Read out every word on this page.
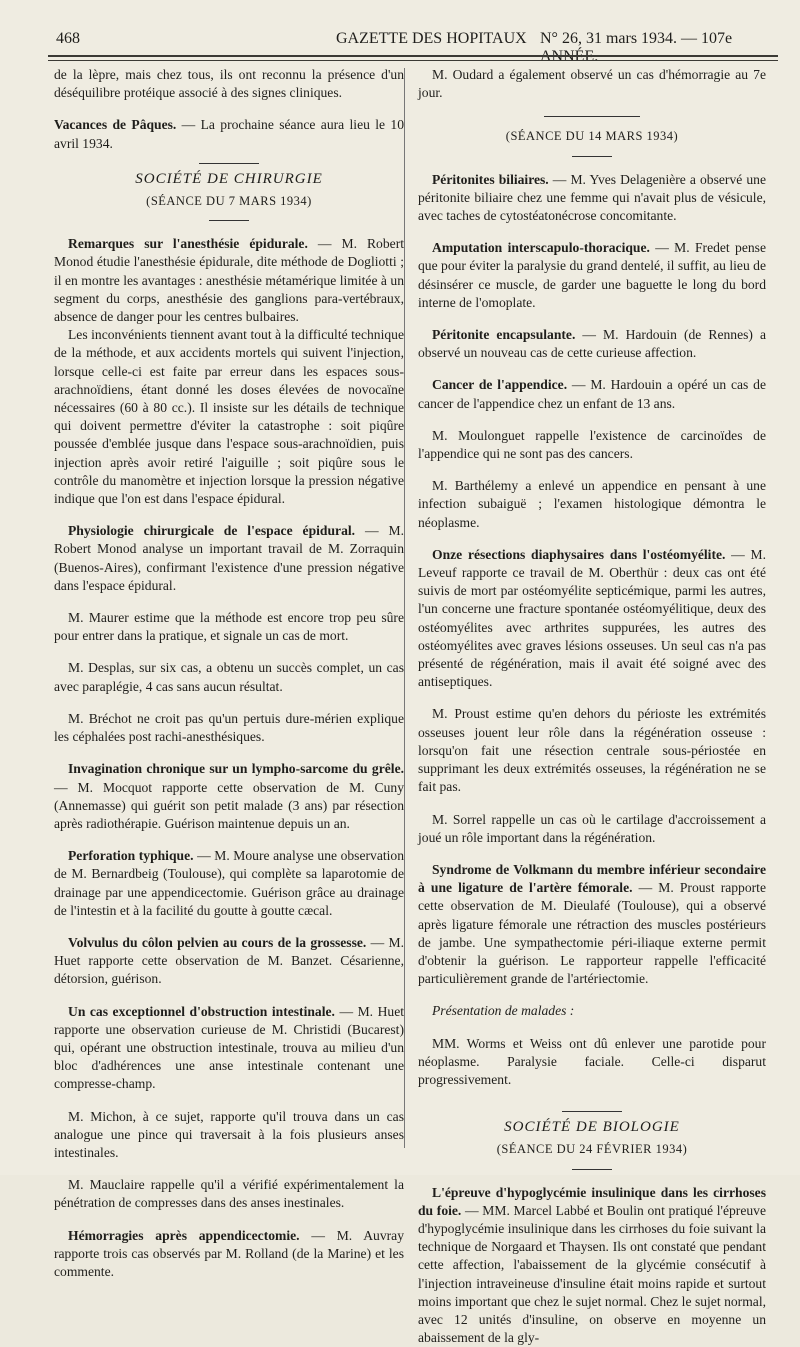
468	GAZETTE DES HOPITAUX N° 26, 31 mars 1934. — 107e ANNÉE.

de la lèpre, mais chez tous, ils ont reconnu la présence d'un déséquilibre protéique associé à des signes cliniques.

Vacances de Pâques. — La prochaine séance aura lieu le 10 avril 1934.

SOCIÉTÉ DE CHIRURGIE
(SÉANCE DU 7 MARS 1934)

Remarques sur l'anesthésie épidurale. — M. Robert Monod étudie l'anesthésie épidurale, dite méthode de Dogliotti ; il en montre les avantages : anesthésie métamérique limitée à un segment du corps, anesthésie des ganglions para-vertébraux, absence de danger pour les centres bulbaires.

Les inconvénients tiennent avant tout à la difficulté technique de la méthode, et aux accidents mortels qui suivent l'injection, lorsque celle-ci est faite par erreur dans les espaces sous-arachnoïdiens, étant donné les doses élevées de novocaïne nécessaires (60 à 80 cc.). Il insiste sur les détails de technique qui doivent permettre d'éviter la catastrophe : soit piqûre poussée d'emblée jusque dans l'espace sous-arachnoïdien, puis injection après avoir retiré l'aiguille ; soit piqûre sous le contrôle du manomètre et injection lorsque la pression négative indique que l'on est dans l'espace épidural.

Physiologie chirurgicale de l'espace épidural. — M. Robert Monod analyse un important travail de M. Zorraquin (Buenos-Aires), confirmant l'existence d'une pression négative dans l'espace épidural.

M. Maurer estime que la méthode est encore trop peu sûre pour entrer dans la pratique, et signale un cas de mort.

M. Desplas, sur six cas, a obtenu un succès complet, un cas avec paraplégie, 4 cas sans aucun résultat.

M. Bréchot ne croit pas qu'un pertuis dure-mérien explique les céphalées post rachi-anesthésiques.

Invagination chronique sur un lympho-sarcome du grêle. — M. Mocquot rapporte cette observation de M. Cuny (Annemasse) qui guérit son petit malade (3 ans) par résection après radiothérapie. Guérison maintenue depuis un an.

Perforation typhique. — M. Moure analyse une observation de M. Bernardbeig (Toulouse), qui complète sa laparotomie de drainage par une appendicectomie. Guérison grâce au drainage de l'intestin et à la facilité du goutte à goutte cæcal.

Volvulus du côlon pelvien au cours de la grossesse. — M. Huet rapporte cette observation de M. Banzet. Césarienne, détorsion, guérison.

Un cas exceptionnel d'obstruction intestinale. — M. Huet rapporte une observation curieuse de M. Christidi (Bucarest) qui, opérant une obstruction intestinale, trouva au milieu d'un bloc d'adhérences une anse intestinale contenant une compresse-champ.

M. Michon, à ce sujet, rapporte qu'il trouva dans un cas analogue une pince qui traversait à la fois plusieurs anses intestinales.

M. Mauclaire rappelle qu'il a vérifié expérimentalement la pénétration de compresses dans des anses inestinales.

Hémorragies après appendicectomie. — M. Auvray rapporte trois cas observés par M. Rolland (de la Marine) et les commente.

M. Oudard a également observé un cas d'hémorragie au 7e jour.

(SÉANCE DU 14 MARS 1934)

Péritonites biliaires. — M. Yves Delagenière a observé une péritonite biliaire chez une femme qui n'avait plus de vésicule, avec taches de cytostéatonécrose concomitante.

Amputation interscapulo-thoracique. — M. Fredet pense que pour éviter la paralysie du grand dentelé, il suffit, au lieu de désinsérer ce muscle, de garder une baguette le long du bord interne de l'omoplate.

Péritonite encapsulante. — M. Hardouin (de Rennes) a observé un nouveau cas de cette curieuse affection.

Cancer de l'appendice. — M. Hardouin a opéré un cas de cancer de l'appendice chez un enfant de 13 ans.

M. Moulonguet rappelle l'existence de carcinoïdes de l'appendice qui ne sont pas des cancers.

M. Barthélemy a enlevé un appendice en pensant à une infection subaiguë ; l'examen histologique démontra le néoplasme.

Onze résections diaphysaires dans l'ostéomyélite. — M. Leveuf rapporte ce travail de M. Oberthür : deux cas ont été suivis de mort par ostéomyélite septicémique, parmi les autres, l'un concerne une fracture spontanée ostéomyélitique, deux des ostéomyélites avec arthrites suppurées, les autres des ostéomyélites avec graves lésions osseuses. Un seul cas n'a pas présenté de régénération, mais il avait été soigné avec des antiseptiques.

M. Proust estime qu'en dehors du périoste les extrémités osseuses jouent leur rôle dans la régénération osseuse : lorsqu'on fait une résection centrale sous-périostée en supprimant les deux extrémités osseuses, la régénération ne se fait pas.

M. Sorrel rappelle un cas où le cartilage d'accroissement a joué un rôle important dans la régénération.

Syndrome de Volkmann du membre inférieur secondaire à une ligature de l'artère fémorale. — M. Proust rapporte cette observation de M. Dieulafé (Toulouse), qui a observé après ligature fémorale une rétraction des muscles postérieurs de jambe. Une sympathectomie péri-iliaque externe permit d'obtenir la guérison. Le rapporteur rappelle l'efficacité particulièrement grande de l'artériectomie.

Présentation de malades :

MM. Worms et Weiss ont dû enlever une parotide pour néoplasme. Paralysie faciale. Celle-ci disparut progressivement.

SOCIÉTÉ DE BIOLOGIE
(SÉANCE DU 24 FÉVRIER 1934)

L'épreuve d'hypoglycémie insulinique dans les cirrhoses du foie. — MM. Marcel Labbé et Boulin ont pratiqué l'épreuve d'hypoglycémie insulinique dans les cirrhoses du foie suivant la technique de Norgaard et Thaysen. Ils ont constaté que pendant cette affection, l'abaissement de la glycémie consécutif à l'injection intraveineuse d'insuline était moins rapide et surtout moins important que chez le sujet normal. Chez le sujet normal, avec 12 unités d'insuline, on observe en moyenne un abaissement de la gly-
